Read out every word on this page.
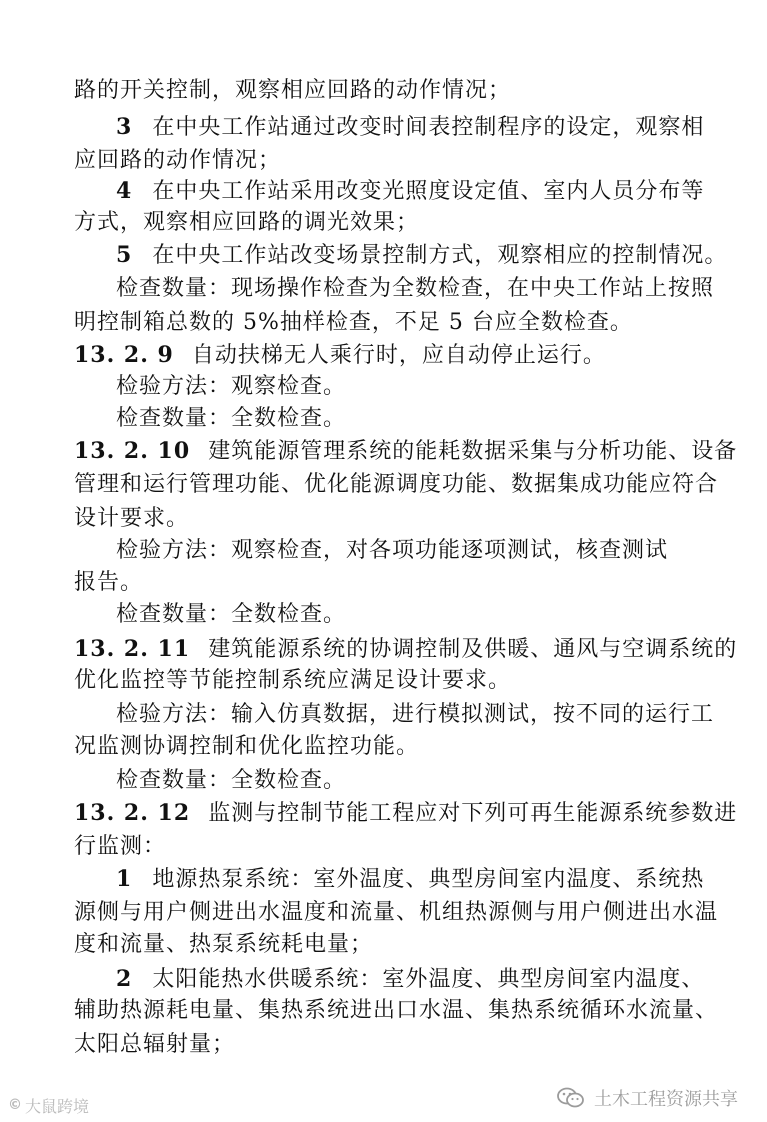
路的开关控制，观察相应回路的动作情况；
3 在中央工作站通过改变时间表控制程序的设定，观察相
应回路的动作情况；
4 在中央工作站采用改变光照度设定值、室内人员分布等
方式，观察相应回路的调光效果；
5 在中央工作站改变场景控制方式，观察相应的控制情况。
检查数量：现场操作检查为全数检查，在中央工作站上按照
明控制箱总数的 5%抽样检查，不足 5 台应全数检查。
13. 2. 9 自动扶梯无人乘行时，应自动停止运行。
检验方法：观察检查。
检查数量：全数检查。
13. 2. 10 建筑能源管理系统的能耗数据采集与分析功能、设备
管理和运行管理功能、优化能源调度功能、数据集成功能应符合
设计要求。
检验方法：观察检查，对各项功能逐项测试，核查测试
报告。
检查数量：全数检查。
13. 2. 11 建筑能源系统的协调控制及供暖、通风与空调系统的
优化监控等节能控制系统应满足设计要求。
检验方法：输入仿真数据，进行模拟测试，按不同的运行工
况监测协调控制和优化监控功能。
检查数量：全数检查。
13. 2. 12 监测与控制节能工程应对下列可再生能源系统参数进
行监测：
1 地源热泵系统：室外温度、典型房间室内温度、系统热
源侧与用户侧进出水温度和流量、机组热源侧与用户侧进出水温
度和流量、热泵系统耗电量；
2 太阳能热水供暖系统：室外温度、典型房间室内温度、
辅助热源耗电量、集热系统进出口水温、集热系统循环水流量、
太阳总辐射量；
土木工程资源共享
© 大鼠跨境
